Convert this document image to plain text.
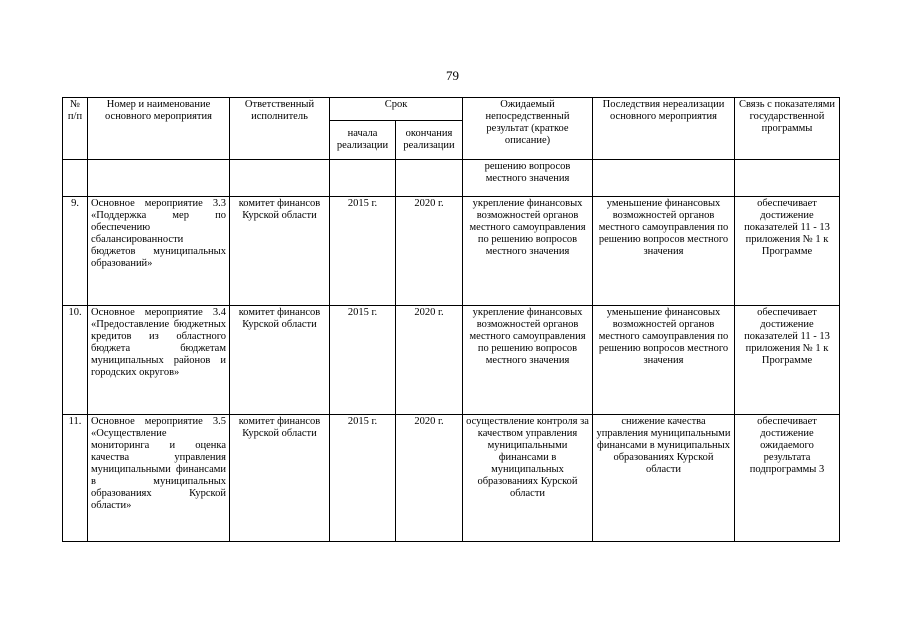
79
№ п/п	Номер и наименование основного мероприятия	Ответственный исполнитель	Срок		Ожидаемый непосредственный результат (краткое описание)	Последствия нереализации основного мероприятия	Связь с показателями государственной программы
			начала реализации	окончания реализации			
					решению вопросов местного значения		
9.	Основное мероприятие 3.3 «Поддержка мер по обеспечению сбалансированности бюджетов муниципальных образований»	комитет финансов Курской области	2015 г.	2020 г.	укрепление финансовых возможностей органов местного самоуправления по решению вопросов местного значения	уменьшение финансовых возможностей органов местного самоуправления по решению вопросов местного значения	обеспечивает достижение показателей 11 - 13 приложения № 1 к Программе
10.	Основное мероприятие 3.4 «Предоставление бюджетных кредитов из областного бюджета бюджетам муниципальных районов и городских округов»	комитет финансов Курской области	2015 г.	2020 г.	укрепление финансовых возможностей органов местного самоуправления по решению вопросов местного значения	уменьшение финансовых возможностей органов местного самоуправления по решению вопросов местного значения	обеспечивает достижение показателей 11 - 13 приложения № 1 к Программе
11.	Основное мероприятие 3.5 «Осуществление мониторинга и оценка качества управления муниципальными финансами в муниципальных образованиях Курской области»	комитет финансов Курской области	2015 г.	2020 г.	осуществление контроля за качеством управления муниципальными финансами в муниципальных образованиях Курской области	снижение качества управления муниципальными финансами в муниципальных образованиях Курской области	обеспечивает достижение ожидаемого результата подпрограммы 3
